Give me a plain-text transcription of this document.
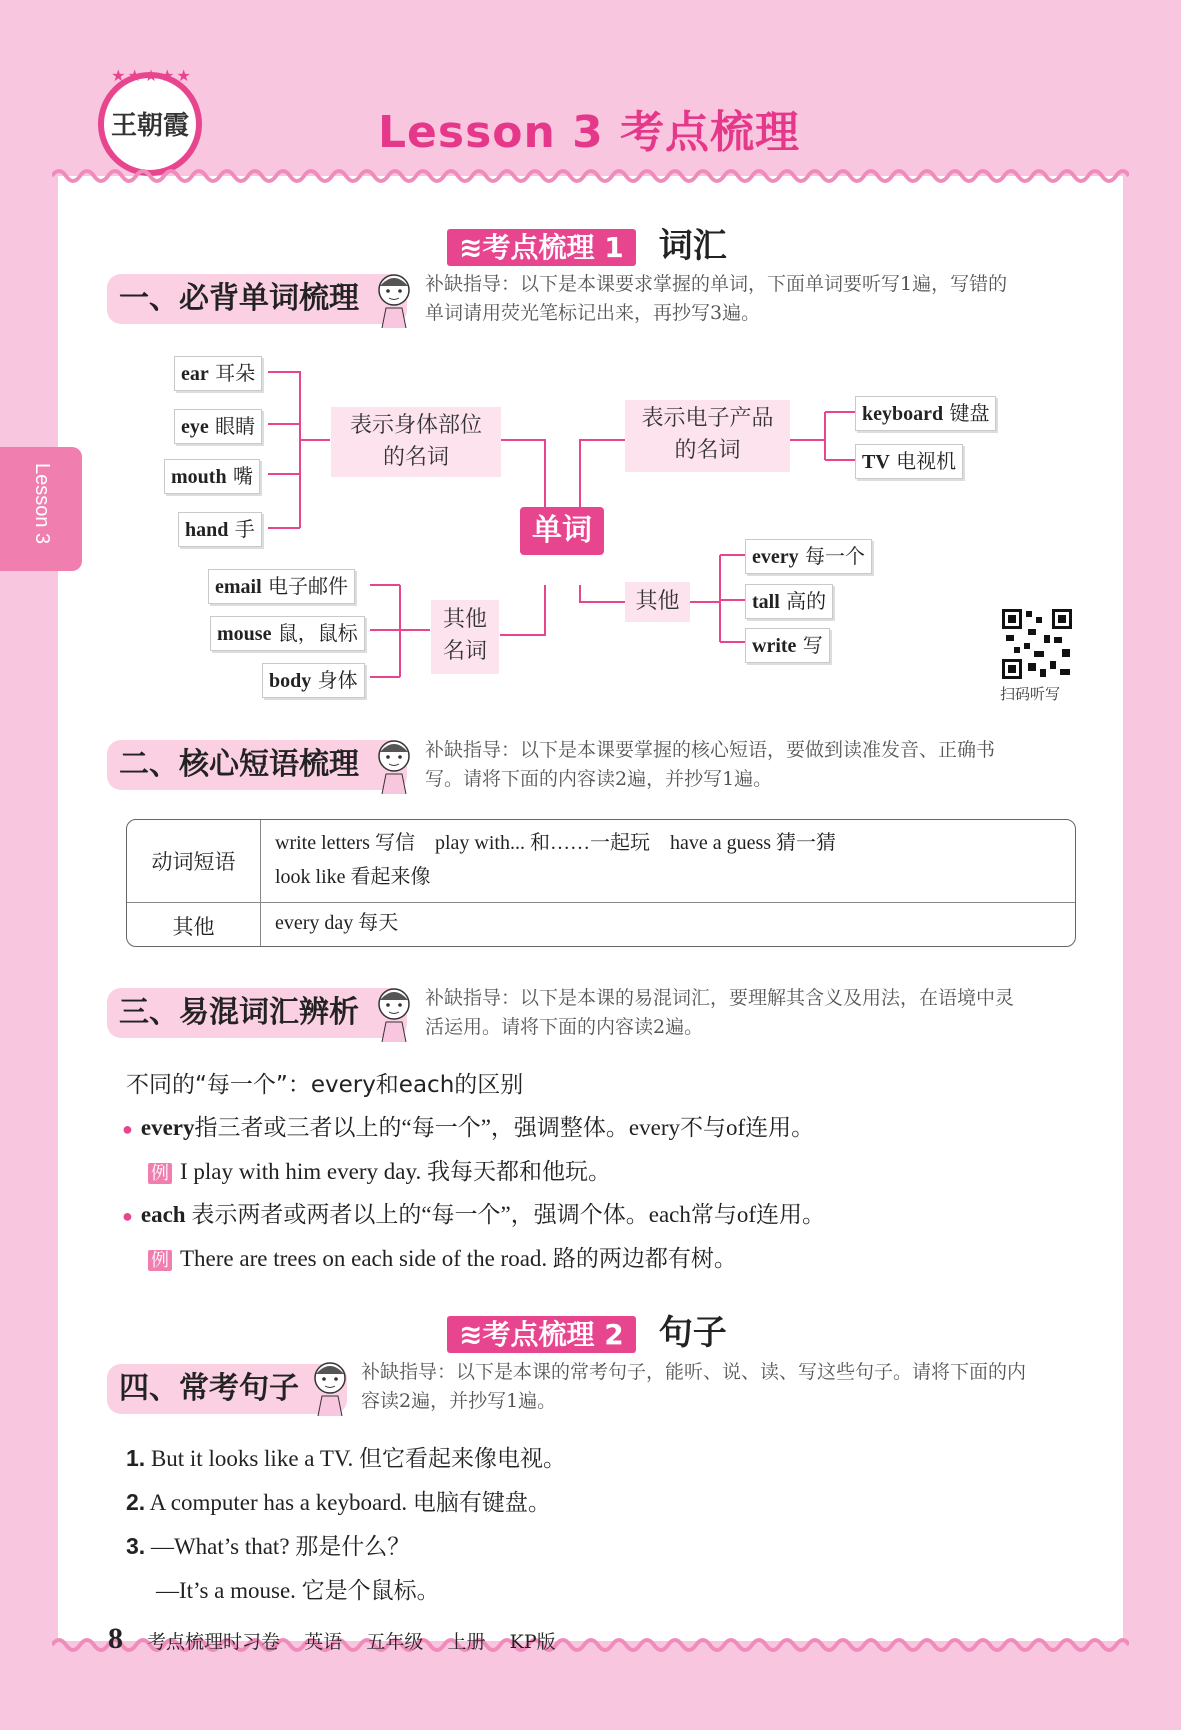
★★★★★
王朝霞	Lesson 3 考点梳理
Lesson 3
≋考点梳理 1 词汇
一、必背单词梳理	补缺指导：以下是本课要求掌握的单词，下面单词要听写1遍，写错的
单词请用荧光笔标记出来，再抄写3遍。
单词
表示身体部位
的名词
ear 耳朵
eye 眼睛
mouth 嘴
hand 手
表示电子产品
的名词
keyboard 键盘
TV 电视机
其他
名词
email 电子邮件
mouse 鼠，鼠标
body 身体
其他
every 每一个
tall 高的
write 写
扫码听写
二、核心短语梳理	补缺指导：以下是本课要掌握的核心短语，要做到读准发音、正确书
写。请将下面的内容读2遍，并抄写1遍。
动词短语
write letters 写信    play with... 和……一起玩    have a guess 猜一猜
look like 看起来像
其他	every day 每天
三、易混词汇辨析	补缺指导：以下是本课的易混词汇，要理解其含义及用法，在语境中灵
活运用。请将下面的内容读2遍。
不同的“每一个”：every和each的区别
● every指三者或三者以上的“每一个”，强调整体。every不与of连用。
例 I play with him every day. 我每天都和他玩。
● each 表示两者或两者以上的“每一个”，强调个体。each常与of连用。
例 There are trees on each side of the road. 路的两边都有树。
≋考点梳理 2 句子
四、常考句子	补缺指导：以下是本课的常考句子，能听、说、读、写这些句子。请将下面的内
容读2遍，并抄写1遍。
1. But it looks like a TV. 但它看起来像电视。
2. A computer has a keyboard. 电脑有键盘。
3. —What’s that? 那是什么？
—It’s a mouse. 它是个鼠标。
8 考点梳理时习卷    英语    五年级    上册    KP版
